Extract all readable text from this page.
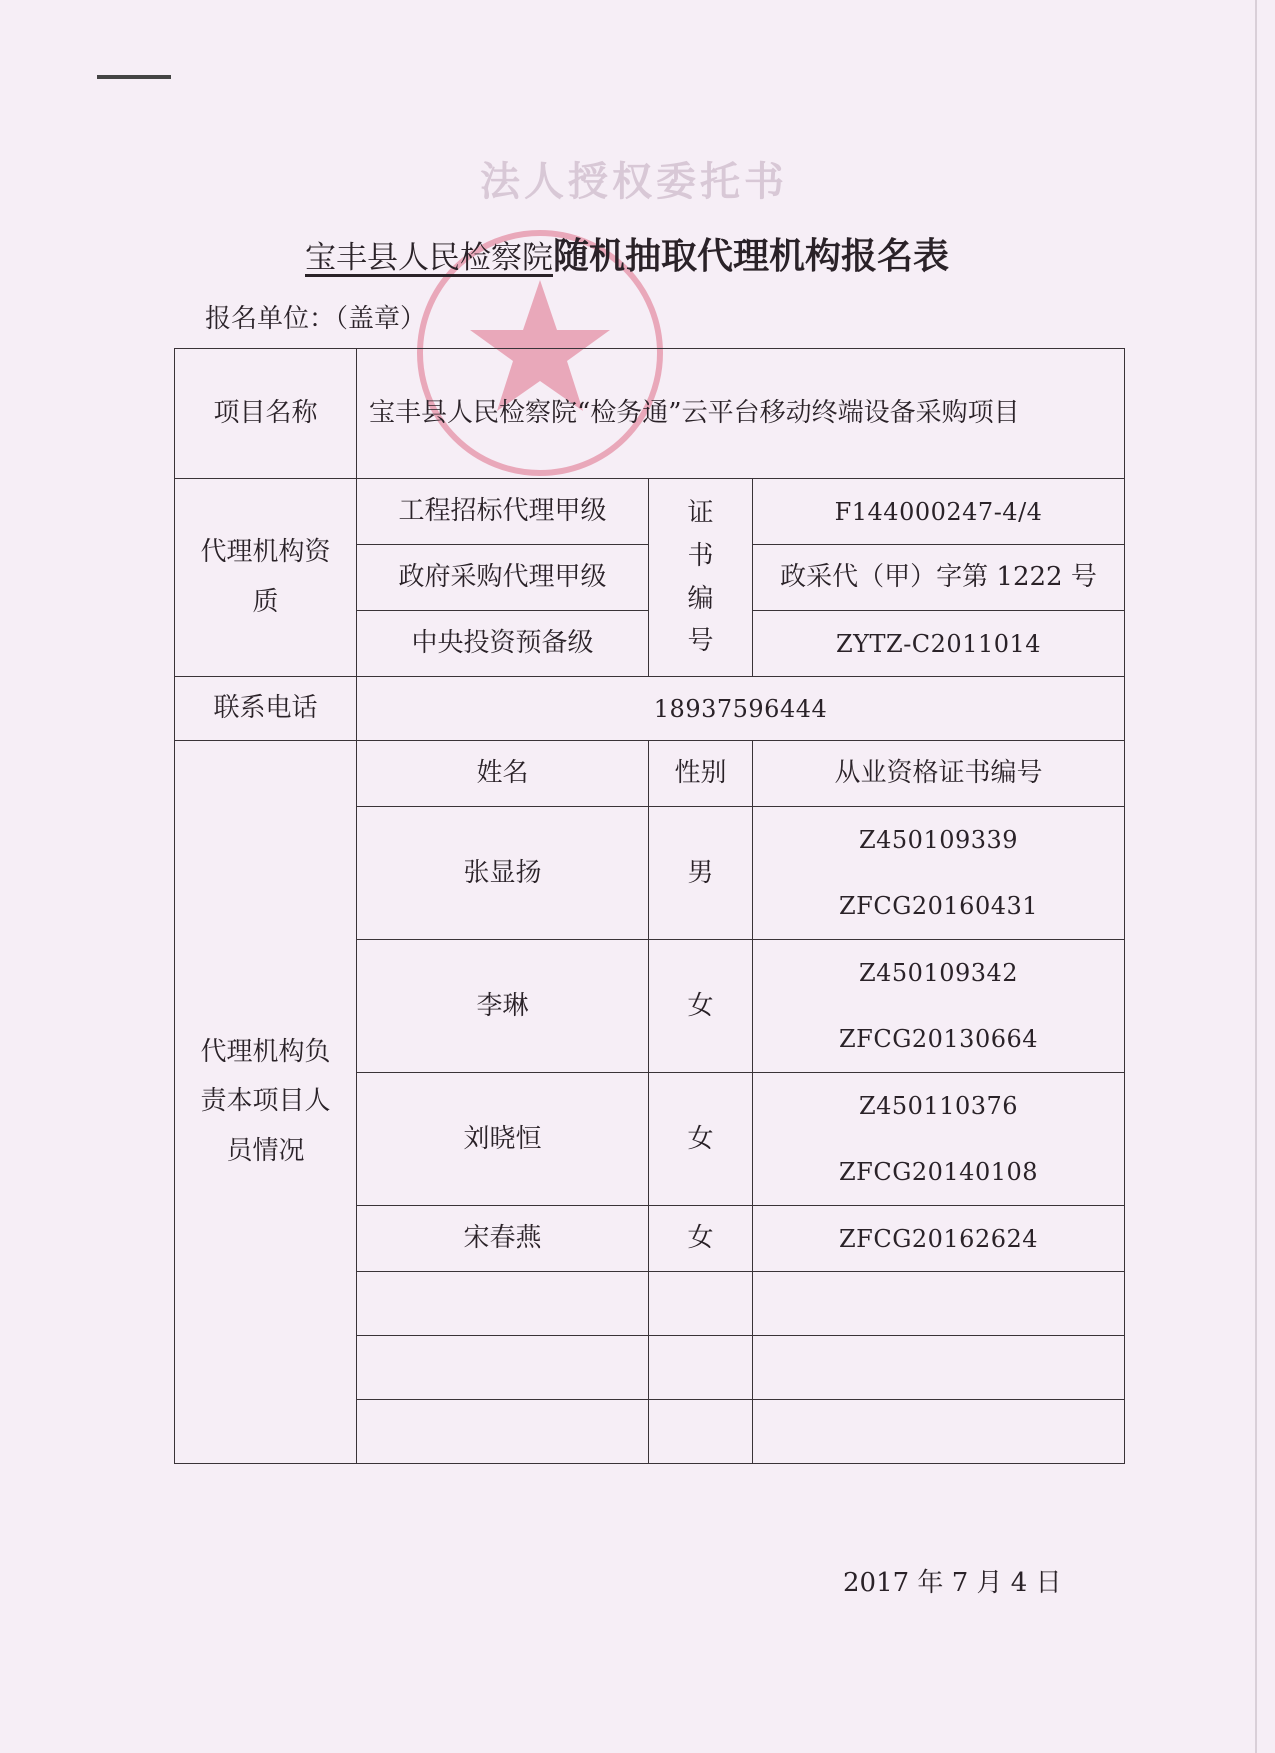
法人授权委托书
宝丰县人民检察院随机抽取代理机构报名表
报名单位：（盖章）
项目名称	宝丰县人民检察院“检务通”云平台移动终端设备采购项目		
代理机构资质	工程招标代理甲级	证书编号	F144000247-4/4
	政府采购代理甲级		政采代（甲）字第 1222 号
	中央投资预备级		ZYTZ-C2011014
联系电话	18937596444		
代理机构负责本项目人员情况	姓名	性别	从业资格证书编号
	张显扬	男	Z450109339
ZFCG20160431

	李琳	女	Z450109342
ZFCG20130664

	刘晓恒	女	Z450110376
ZFCG20140108

	宋春燕	女	ZFCG20162624

2017 年 7 月 4 日
